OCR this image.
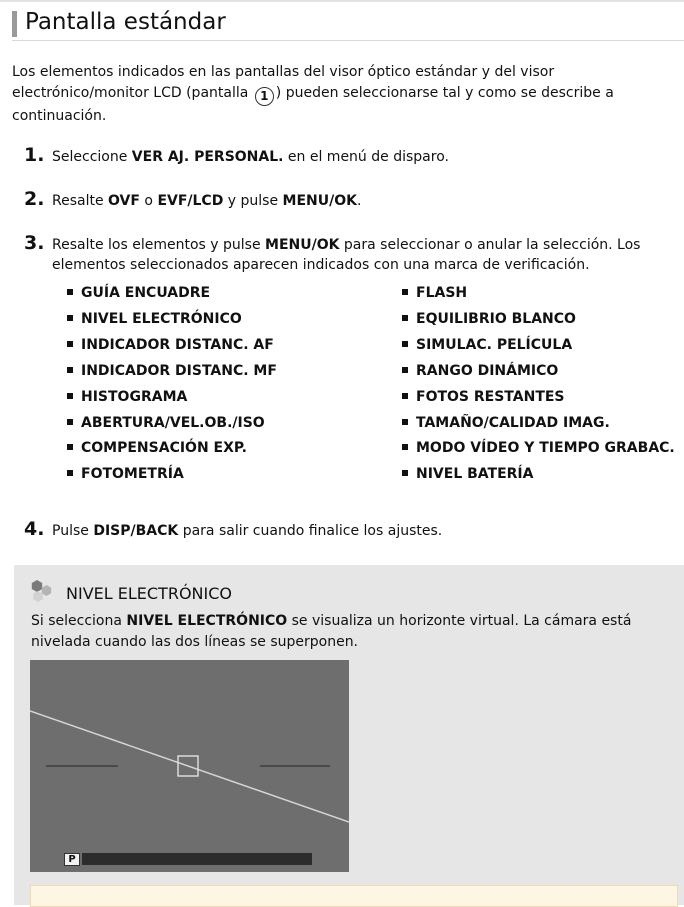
Pantalla estándar

Los elementos indicados en las pantallas del visor óptico estándar y del visor electrónico/monitor LCD (pantalla 1 ) pueden seleccionarse tal y como se describe a continuación.

1. Seleccione VER AJ. PERSONAL. en el menú de disparo.

2. Resalte OVF o EVF/LCD y pulse MENU/OK.

3. Resalte los elementos y pulse MENU/OK para seleccionar o anular la selección. Los
elementos seleccionados aparecen indicados con una marca de verificación.

GUÍA ENCUADRE
NIVEL ELECTRÓNICO
INDICADOR DISTANC. AF
INDICADOR DISTANC. MF
HISTOGRAMA
ABERTURA/VEL.OB./ISO
COMPENSACIÓN EXP.
FOTOMETRÍA
FLASH
EQUILIBRIO BLANCO
SIMULAC. PELÍCULA
RANGO DINÁMICO
FOTOS RESTANTES
TAMAÑO/CALIDAD IMAG.
MODO VÍDEO Y TIEMPO GRABAC.
NIVEL BATERÍA
4. Pulse DISP/BACK para salir cuando finalice los ajustes.

NIVEL ELECTRÓNICO

Si selecciona NIVEL ELECTRÓNICO se visualiza un horizonte virtual. La cámara está nivelada cuando las dos líneas se superponen.

P
